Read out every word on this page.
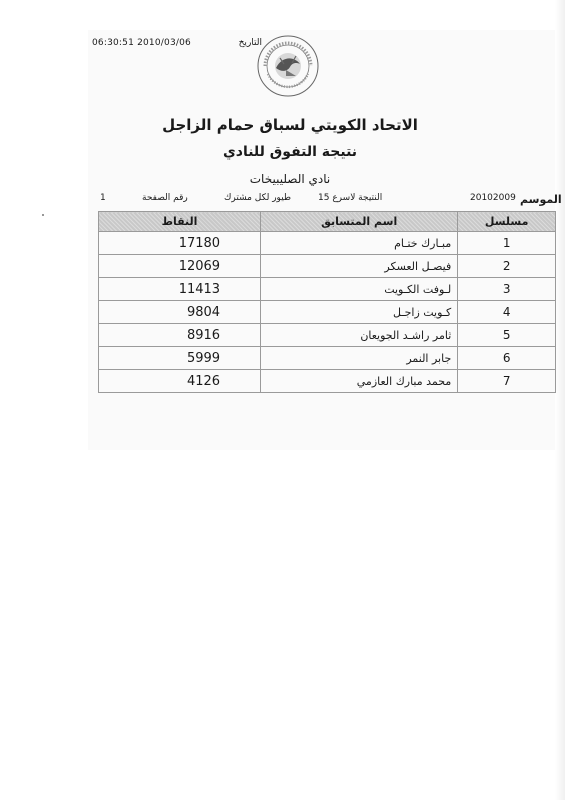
06:30:51 2010/03/06	التاريخ
الاتحاد الكويتي لسباق حمام الزاجل
نتيجة التفوق للنادي
نادي الصليبيخات
1	رقم الصفحة	طيور لكل مشترك	النتيجة لاسرع 15	20102009 الموسم
مسلسل	اسم المتسابق	النقاط
1	مبـارك ختـام	17180
2	فيصـل العسكر	12069
3	لـوفت الكـويت	11413
4	كـويت زاجـل	9804
5	ثامر راشـد الجويعان	8916
6	جابر النمر	5999
7	محمد مبارك العازمي	4126
